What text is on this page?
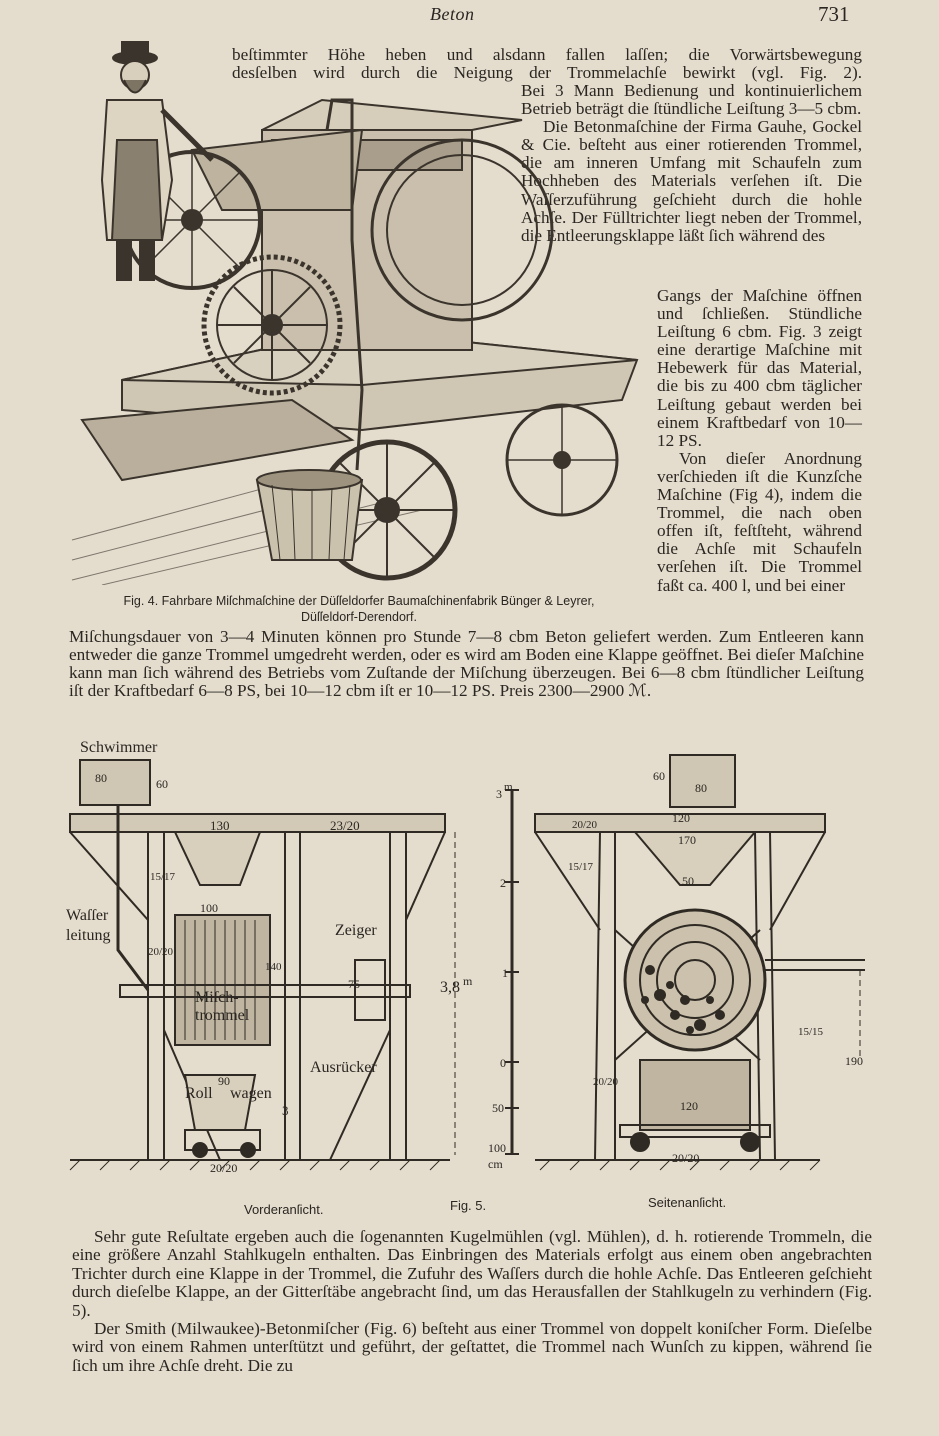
Beton	731

beſtimmter Höhe heben und alsdann fallen laſſen; die Vorwärtsbewegung

desſelben wird durch die Neigung der Trommelachſe bewirkt (vgl. Fig. 2).

Bei 3 Mann Bedienung und kontinuierlichem Betrieb beträgt die ſtündliche Leiſtung 3—5 cbm.

Die Betonmaſchine der Firma Gauhe, Gockel & Cie. beſteht aus einer rotierenden Trommel, die am inneren Umfang mit Schaufeln zum Hochheben des Materials verſehen iſt. Die Waſſerzuführung geſchieht durch die hohle Achſe. Der Fülltrichter liegt neben der Trommel, die Entleerungsklappe läßt ſich während des

Gangs der Maſchine öffnen und ſchließen. Stündliche Leiſtung 6 cbm. Fig. 3 zeigt eine derartige Maſchine mit Hebewerk für das Material, die bis zu 400 cbm täglicher Leiſtung gebaut werden bei einem Kraftbedarf von 10—12 PS.

Von dieſer Anordnung verſchieden iſt die Kunzſche Maſchine (Fig 4), indem die Trommel, die nach oben offen iſt, feſtſteht, während die Achſe mit Schaufeln verſehen iſt. Die Trommel faßt ca. 400 l, und bei einer

Fig. 4. Fahrbare Miſchmaſchine der Düſſeldorfer Baumaſchinenfabrik Bünger & Leyrer,
Düſſeldorf-Derendorf.

Miſchungsdauer von 3—4 Minuten können pro Stunde 7—8 cbm Beton geliefert werden. Zum Entleeren kann entweder die ganze Trommel umgedreht werden, oder es wird am Boden eine Klappe geöffnet. Bei dieſer Maſchine kann man ſich während des Betriebs vom Zuſtande der Miſchung überzeugen. Bei 6—8 cbm ſtündlicher Leiſtung iſt der Kraftbedarf 6—8 PS, bei 10—12 cbm iſt er 10—12 PS. Preis 2300—2900 ℳ.

Schwimmer
80	60
130	23/20
Waſſer
leitung
100
15/17
20/20
140
Zeiger
Miſch-
trommel
75
Ausrücker
90
Roll wagen
3
20/20
3,8 m
3 m
2
1
0
50
100
cm
60
80
20/20	120
170
15/17
50
20/20
120
15/15
190
20/20
Vorderanſicht.	Fig. 5.	Seitenanſicht.

Sehr gute Reſultate ergeben auch die ſogenannten Kugelmühlen (vgl. Mühlen), d. h. rotierende Trommeln, die eine größere Anzahl Stahlkugeln enthalten. Das Einbringen des Materials erfolgt aus einem oben angebrachten Trichter durch eine Klappe in der Trommel, die Zufuhr des Waſſers durch die hohle Achſe. Das Entleeren geſchieht durch dieſelbe Klappe, an der Gitterſtäbe angebracht ſind, um das Herausfallen der Stahlkugeln zu verhindern (Fig. 5).

Der Smith (Milwaukee)-Betonmiſcher (Fig. 6) beſteht aus einer Trommel von doppelt koniſcher Form. Dieſelbe wird von einem Rahmen unterſtützt und geführt, der geſtattet, die Trommel nach Wunſch zu kippen, während ſie ſich um ihre Achſe dreht. Die zu
